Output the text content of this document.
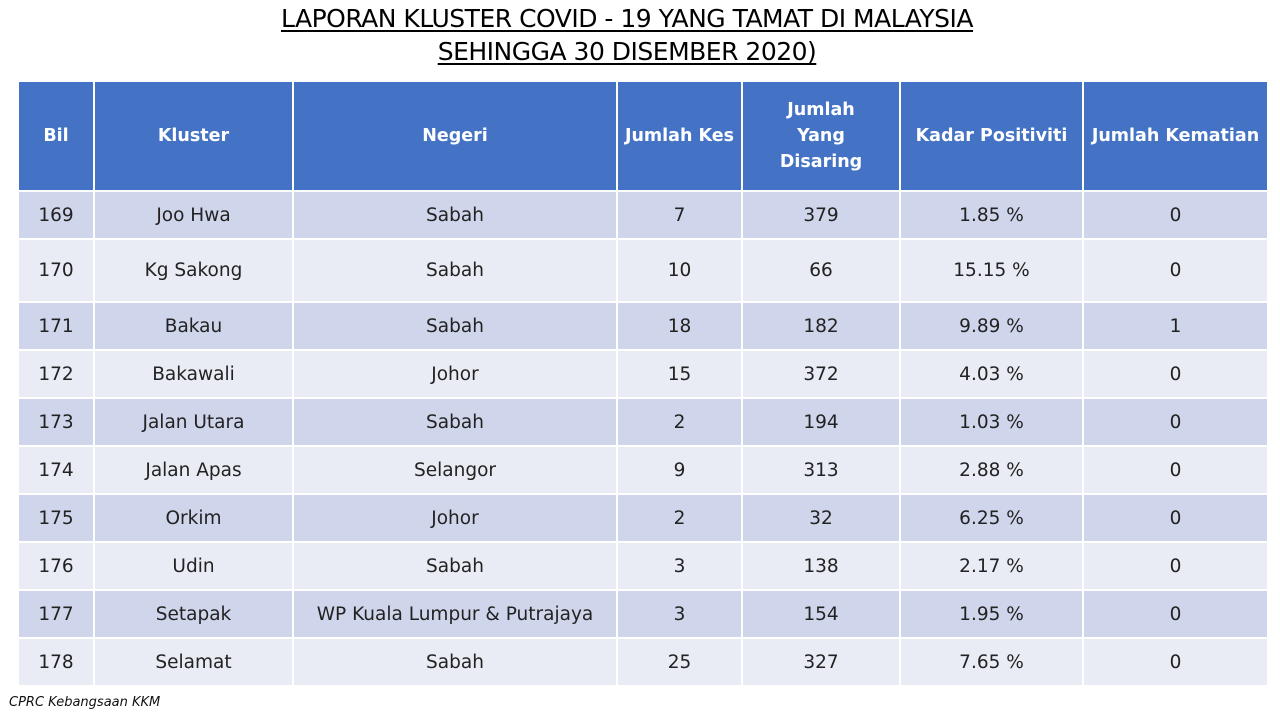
LAPORAN KLUSTER COVID - 19 YANG TAMAT DI MALAYSIA
SEHINGGA 30 DISEMBER 2020)
Bil	Kluster	Negeri	Jumlah Kes	Jumlah Yang Disaring	Kadar Positiviti	Jumlah Kematian
169	Joo Hwa	Sabah	7	379	1.85 %	0
170	Kg Sakong	Sabah	10	66	15.15 %	0
171	Bakau	Sabah	18	182	9.89 %	1
172	Bakawali	Johor	15	372	4.03 %	0
173	Jalan Utara	Sabah	2	194	1.03 %	0
174	Jalan Apas	Selangor	9	313	2.88 %	0
175	Orkim	Johor	2	32	6.25 %	0
176	Udin	Sabah	3	138	2.17 %	0
177	Setapak	WP Kuala Lumpur & Putrajaya	3	154	1.95 %	0
178	Selamat	Sabah	25	327	7.65 %	0
CPRC Kebangsaan KKM
